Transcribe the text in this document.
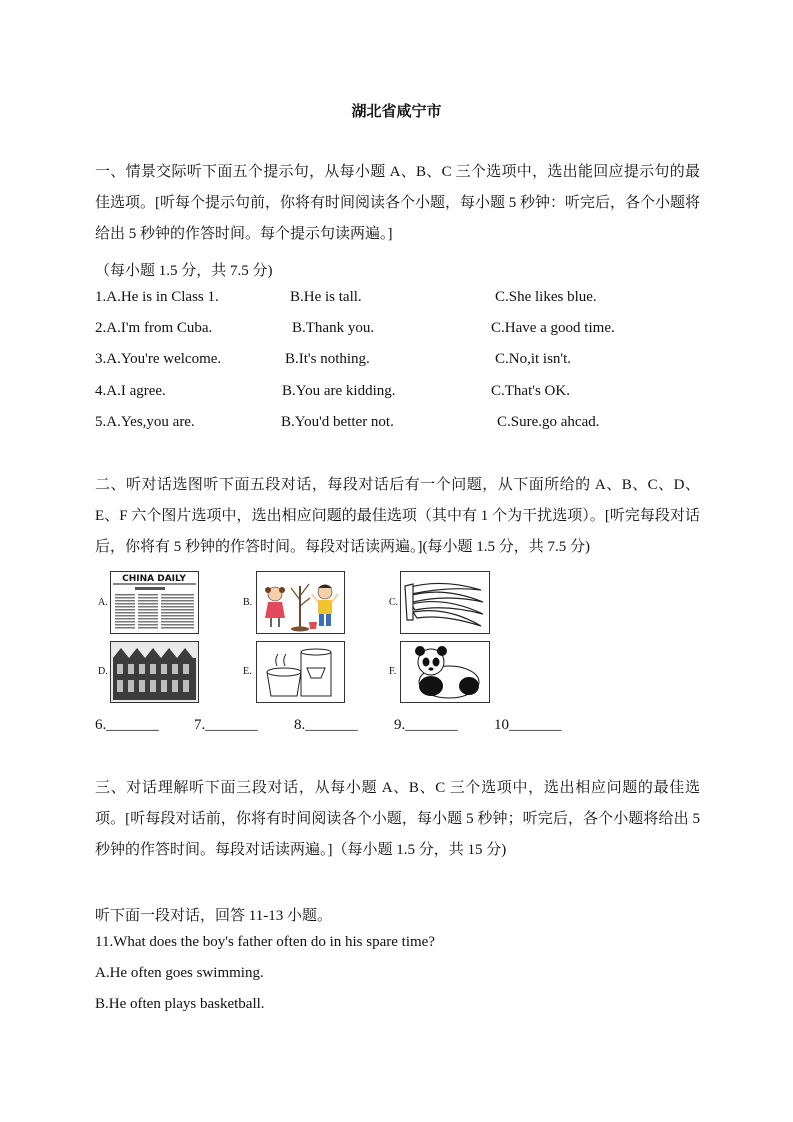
湖北省咸宁市
一、情景交际听下面五个提示句，从每小题 A、B、C 三个选项中，选出能回应提示句的最佳选项。[听每个提示句前，你将有时间阅读各个小题，每小题 5 秒钟：听完后，各个小题将给出 5 秒钟的作答时间。每个提示句读两遍。]
（每小题 1.5 分，共 7.5 分)
1.A.He is in Class 1.	B.He is tall.	C.She likes blue.
2.A.I'm from Cuba.	B.Thank you.	C.Have a good time.
3.A.You're welcome.	B.It's nothing.	C.No,it isn't.
4.A.I agree.	B.You are kidding.	C.That's OK.
5.A.Yes,you are.	B.You'd better not.	C.Sure.go ahcad.
二、听对话选图听下面五段对话，每段对话后有一个问题，从下面所给的 A、B、C、D、E、F 六个图片选项中，选出相应问题的最佳选项（其中有 1 个为干扰选项）。[听完每段对话后，你将有 5 秒钟的作答时间。每段对话读两遍。](每小题 1.5 分，共 7.5 分)
A.
CHINA DAILY
B.	C.
D.	E.	F.
6._______ 7._______ 8._______ 9._______ 10_______
三、对话理解听下面三段对话，从每小题 A、B、C 三个选项中，选出相应问题的最佳选项。[听每段对话前，你将有时间阅读各个小题，每小题 5 秒钟；听完后，各个小题将给出 5 秒钟的作答时间。每段对话读两遍。]（每小题 1.5 分，共 15 分)
听下面一段对话，回答 11-13 小题。
11.What does the boy's father often do in his spare time?
A.He often goes swimming.
B.He often plays basketball.
